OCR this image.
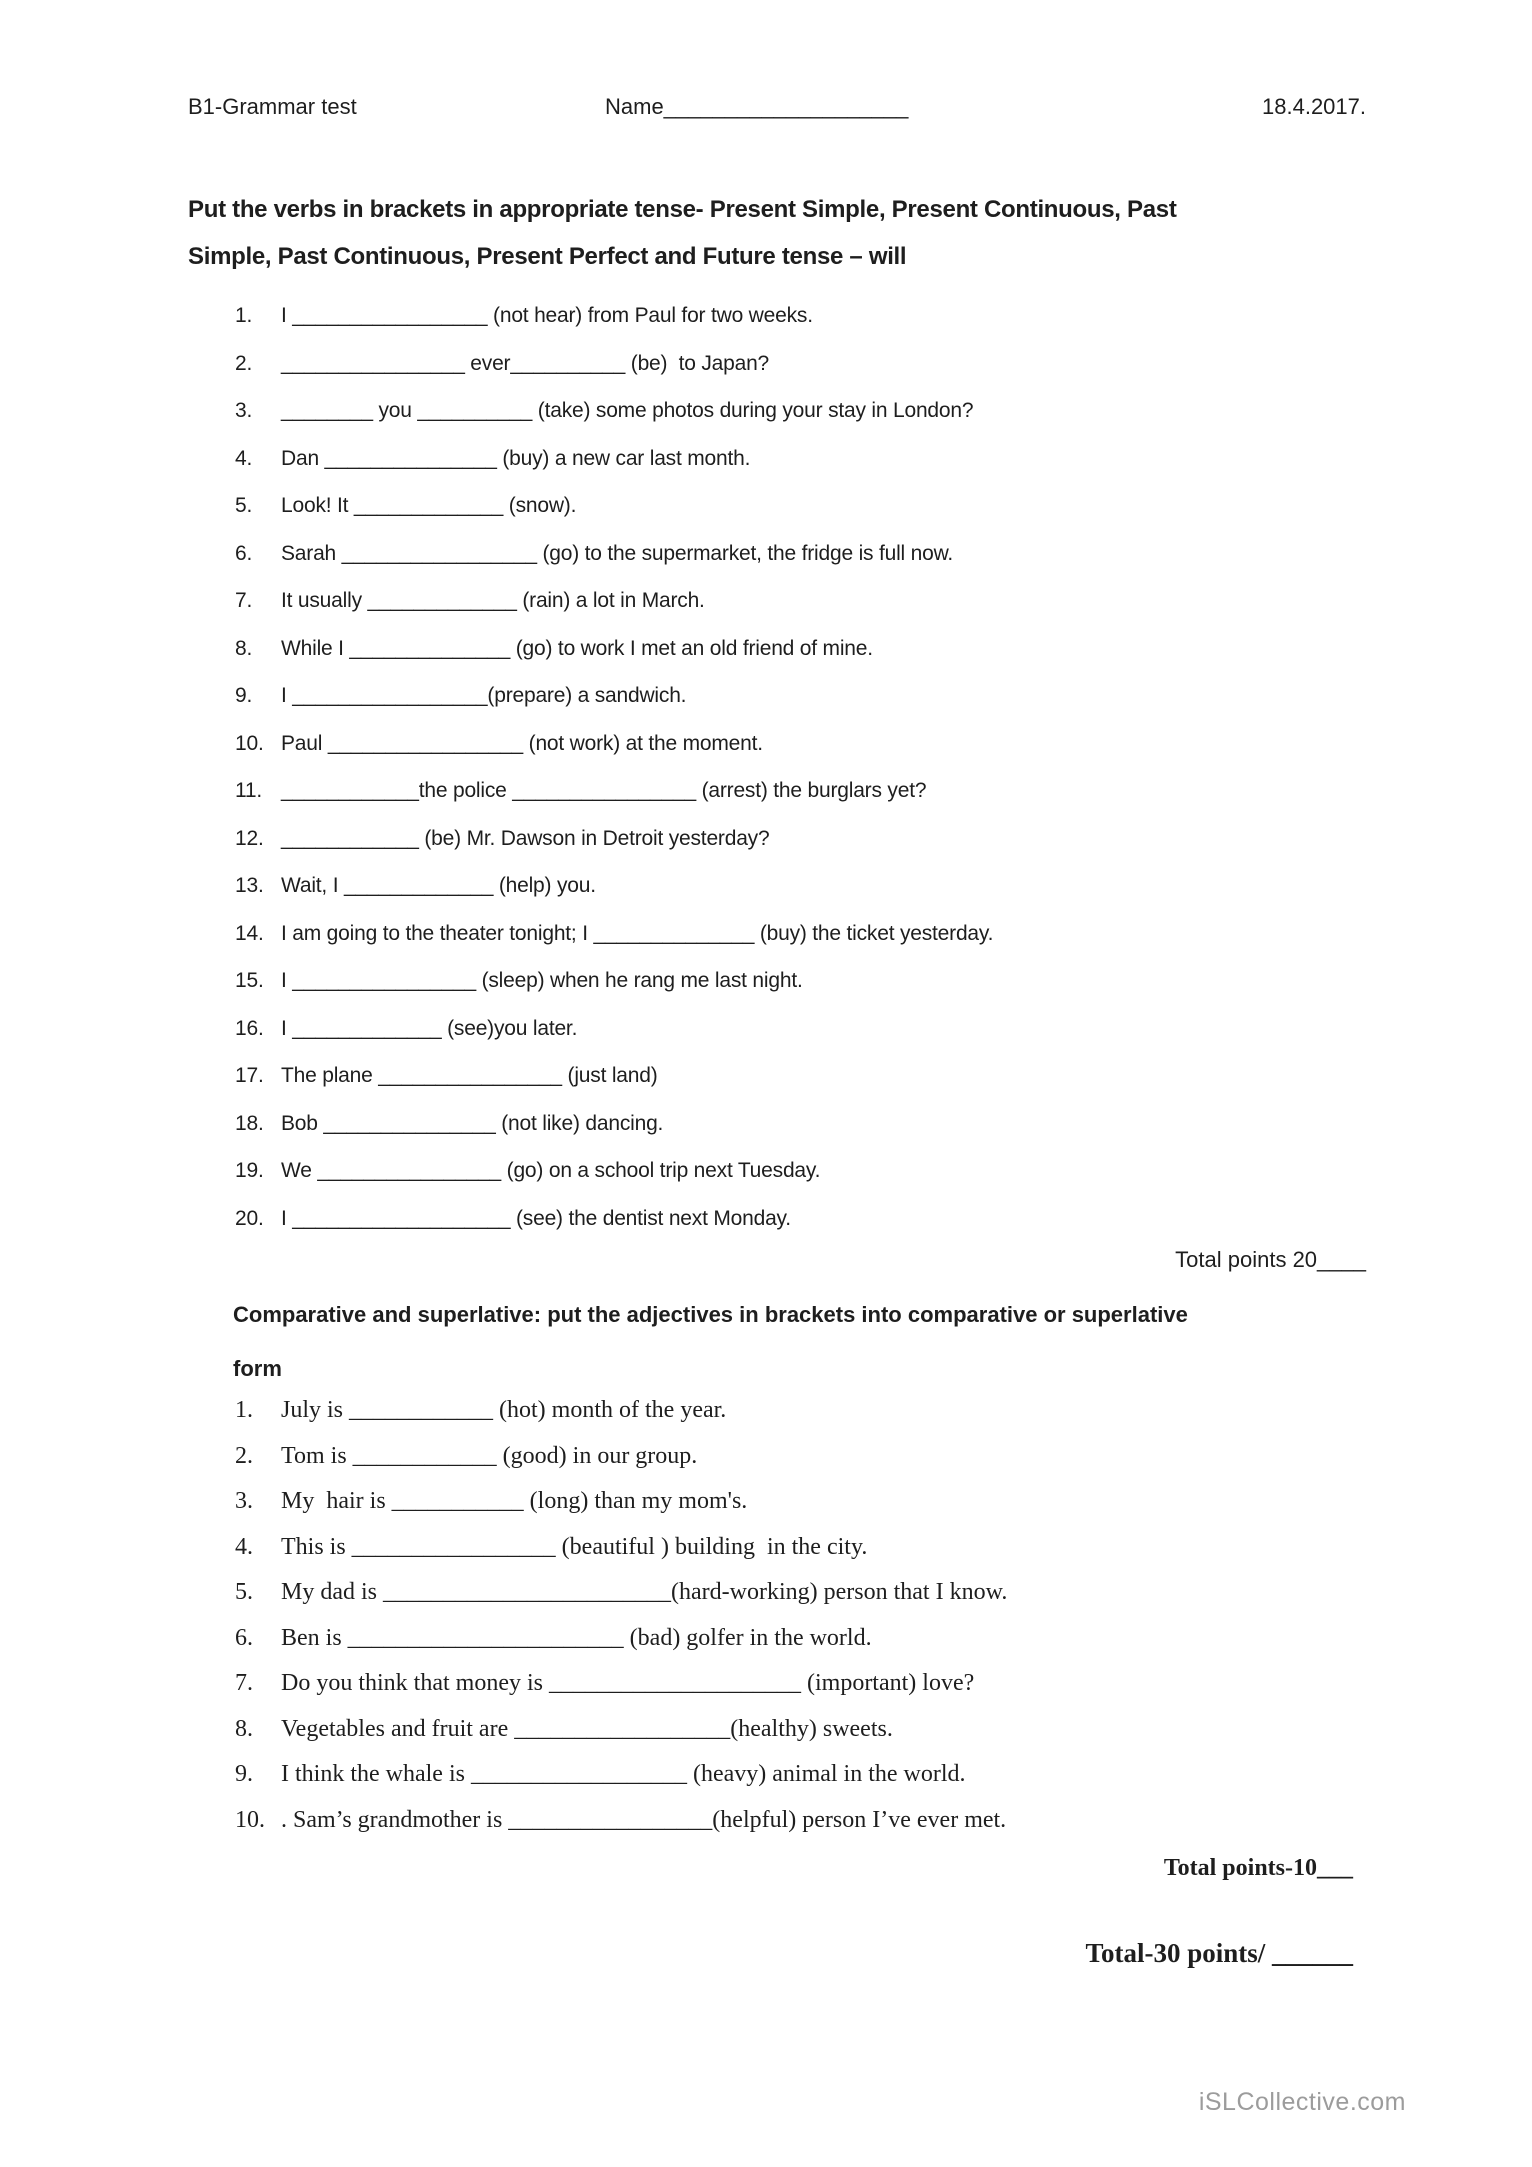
B1-Grammar test	Name____________________	18.4.2017.
Put the verbs in brackets in appropriate tense- Present Simple, Present Continuous, Past
Simple, Past Continuous, Present Perfect and Future tense – will
1.	I _________________ (not hear) from Paul for two weeks.
2.	________________ ever__________ (be)  to Japan?
3.	________ you __________ (take) some photos during your stay in London?
4.	Dan _______________ (buy) a new car last month.
5.	Look! It _____________ (snow).
6.	Sarah _________________ (go) to the supermarket, the fridge is full now.
7.	It usually _____________ (rain) a lot in March.
8.	While I ______________ (go) to work I met an old friend of mine.
9.	I _________________(prepare) a sandwich.
10. Paul _________________ (not work) at the moment.
11. ____________the police ________________ (arrest) the burglars yet?
12. ____________ (be) Mr. Dawson in Detroit yesterday?
13. Wait, I _____________ (help) you.
14. I am going to the theater tonight; I ______________ (buy) the ticket yesterday.
15. I ________________ (sleep) when he rang me last night.
16. I _____________ (see)you later.
17. The plane ________________ (just land)
18. Bob _______________ (not like) dancing.
19. We ________________ (go) on a school trip next Tuesday.
20. I ___________________ (see) the dentist next Monday.
Total points 20____
Comparative and superlative: put the adjectives in brackets into comparative or superlative
form
1.	July is ____________ (hot) month of the year.
2.	Tom is ____________ (good) in our group.
3.	My  hair is ___________ (long) than my mom's.
4.	This is _________________ (beautiful ) building  in the city.
5.	My dad is ________________________(hard-working) person that I know.
6.	Ben is _______________________ (bad) golfer in the world.
7.	Do you think that money is _____________________ (important) love?
8.	Vegetables and fruit are __________________(healthy) sweets.
9.	I think the whale is __________________ (heavy) animal in the world.
10. . Sam’s grandmother is _________________(helpful) person I’ve ever met.
Total points-10___
Total-30 points/ ______
iSLCollective.com
